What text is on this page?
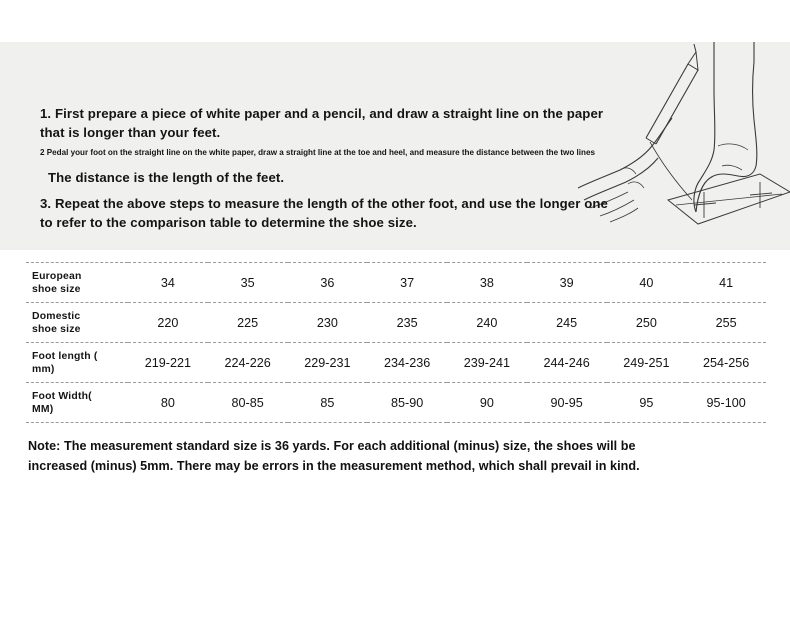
1. First prepare a piece of white paper and a pencil, and draw a straight line on the paper that is longer than your feet.

2 Pedal your foot on the straight line on the white paper, draw a straight line at the toe and heel, and measure the distance between the two lines

The distance is the length of the feet.

3. Repeat the above steps to measure the length of the other foot, and use the longer one to refer to the comparison table to determine the shoe size.

European
shoe size	34	35	36	37	38	39	40	41

Domestic
shoe size	220	225	230	235	240	245	250	255

Foot length (
mm)	219-221	224-226	229-231	234-236	239-241	244-246	249-251	254-256

Foot Width(
MM)	80	80-85	85	85-90	90	90-95	95	95-100
Note: The measurement standard size is 36 yards. For each additional (minus) size, the shoes will be increased (minus) 5mm. There may be errors in the measurement method, which shall prevail in kind.
